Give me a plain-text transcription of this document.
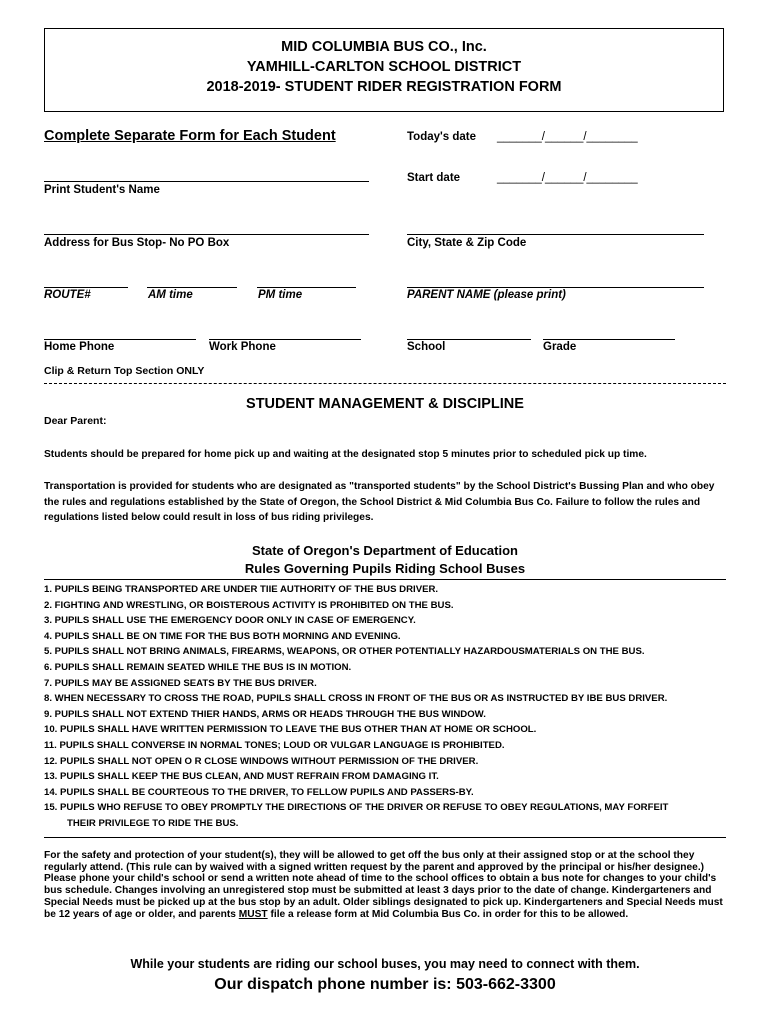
MID COLUMBIA BUS CO., Inc.
YAMHILL-CARLTON SCHOOL DISTRICT
2018-2019- STUDENT RIDER REGISTRATION FORM
Complete Separate Form for Each Student	Today's date _______/______/________
Start date	_______/______/________
Print Student's Name
Address for Bus Stop- No PO Box	City, State & Zip Code
ROUTE#	AM time	PM time	PARENT NAME (please print)
Home Phone	Work Phone	School	Grade
Clip & Return Top Section ONLY
STUDENT MANAGEMENT & DISCIPLINE
Dear Parent:
Students should be prepared for home pick up and waiting at the designated stop 5 minutes prior to scheduled pick up time.
Transportation is provided for students who are designated as "transported students" by the School District's Bussing Plan and who obey the rules and regulations established by the State of Oregon, the School District & Mid Columbia Bus Co. Failure to follow the rules and regulations listed below could result in loss of bus riding privileges.
State of Oregon's Department of Education
Rules Governing Pupils Riding School Buses
1. PUPILS BEING TRANSPORTED ARE UNDER TIIE AUTHORITY OF THE BUS DRIVER.
2. FIGHTING AND WRESTLING, OR BOISTEROUS ACTIVITY IS PROHIBITED ON THE BUS.
3. PUPILS SHALL USE THE EMERGENCY DOOR ONLY IN CASE OF EMERGENCY.
4. PUPILS SHALL BE ON TIME FOR THE BUS BOTH MORNING AND EVENING.
5. PUPILS SHALL NOT BRING ANIMALS, FIREARMS, WEAPONS, OR OTHER POTENTIALLY HAZARDOUSMATERIALS ON THE BUS.
6. PUPILS SHALL REMAIN SEATED WHILE THE BUS IS IN MOTION.
7. PUPILS MAY BE ASSIGNED SEATS BY THE BUS DRIVER.
8. WHEN NECESSARY TO CROSS THE ROAD, PUPILS SHALL CROSS IN FRONT OF THE BUS OR AS INSTRUCTED BY IBE BUS DRIVER.
9. PUPILS SHALL NOT EXTEND THIER HANDS, ARMS OR HEADS THROUGH THE BUS WINDOW.
10. PUPILS SHALL HAVE WRITTEN PERMISSION TO LEAVE THE BUS OTHER THAN AT HOME OR SCHOOL.
11. PUPILS SHALL CONVERSE IN NORMAL TONES; LOUD OR VULGAR LANGUAGE IS PROHIBITED.
12. PUPILS SHALL NOT OPEN O R CLOSE WINDOWS WITHOUT PERMISSION OF THE DRIVER.
13. PUPILS SHALL KEEP THE BUS CLEAN, AND MUST REFRAIN FROM DAMAGING IT.
14. PUPILS SHALL BE COURTEOUS TO THE DRIVER, TO FELLOW PUPILS AND PASSERS-BY.
15. PUPILS WHO REFUSE TO OBEY PROMPTLY THE DIRECTIONS OF THE DRIVER OR REFUSE TO OBEY REGULATIONS, MAY FORFEIT
THEIR PRIVILEGE TO RIDE THE BUS.
For the safety and protection of your student(s), they will be allowed to get off the bus only at their assigned stop or at the school they regularly attend. (This rule can by waived with a signed written request by the parent and approved by the principal or his/her designee.) Please phone your child's school or send a written note ahead of time to the school offices to obtain a bus note for changes to your child's bus schedule. Changes involving an unregistered stop must be submitted at least 3 days prior to the date of change. Kindergarteners and Special Needs must be picked up at the bus stop by an adult. Older siblings designated to pick up. Kindergarteners and Special Needs must be 12 years of age or older, and parents MUST file a release form at Mid Columbia Bus Co. in order for this to be allowed.
While your students are riding our school buses, you may need to connect with them.
Our dispatch phone number is: 503-662-3300
